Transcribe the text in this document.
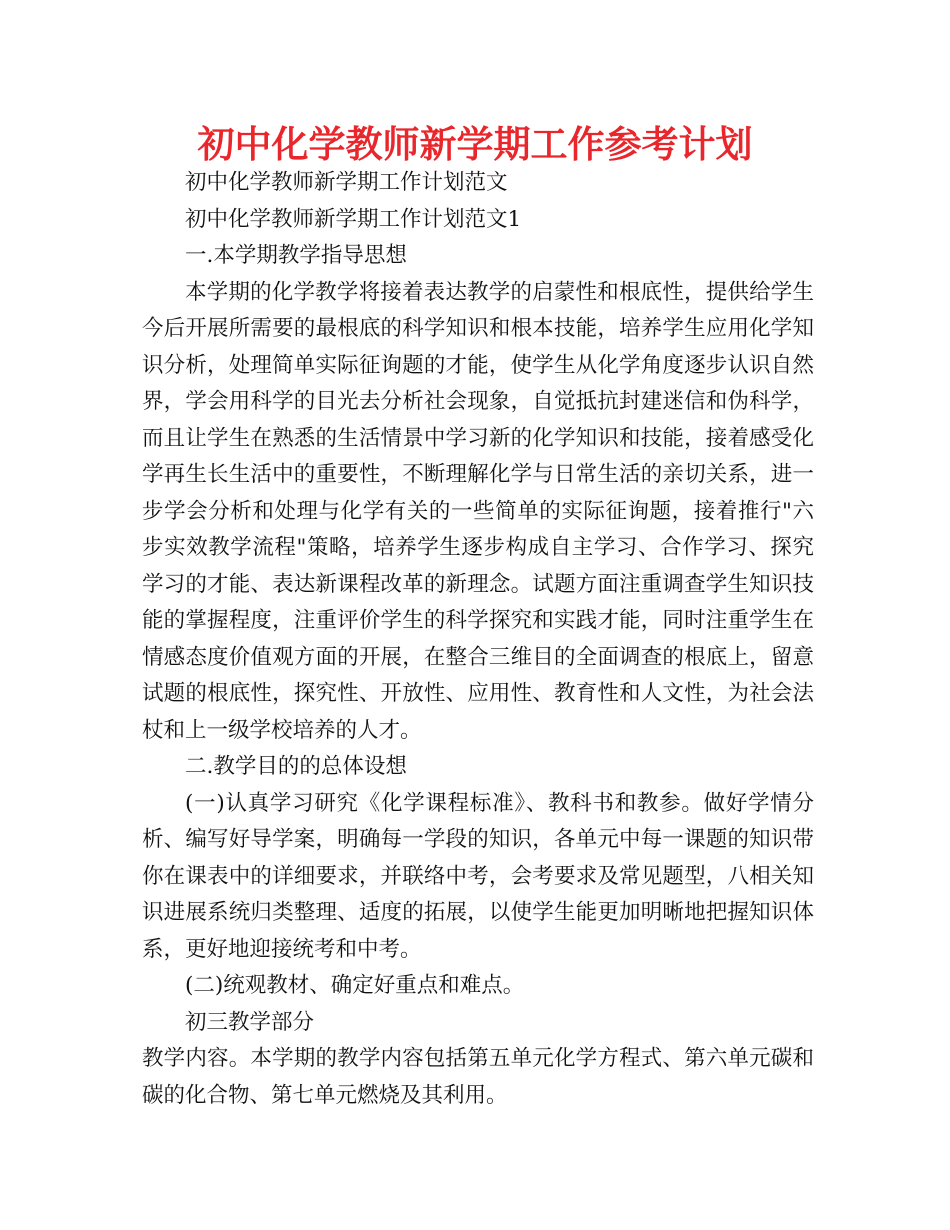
初中化学教师新学期工作参考计划

初中化学教师新学期工作计划范文

初中化学教师新学期工作计划范文1

一.本学期教学指导思想

本学期的化学教学将接着表达教学的启蒙性和根底性，提供给学生今后开展所需要的最根底的科学知识和根本技能，培养学生应用化学知识分析，处理简单实际征询题的才能，使学生从化学角度逐步认识自然界，学会用科学的目光去分析社会现象，自觉抵抗封建迷信和伪科学，而且让学生在熟悉的生活情景中学习新的化学知识和技能，接着感受化学再生长生活中的重要性，不断理解化学与日常生活的亲切关系，进一步学会分析和处理与化学有关的一些简单的实际征询题，接着推行"六步实效教学流程"策略，培养学生逐步构成自主学习、合作学习、探究学习的才能、表达新课程改革的新理念。试题方面注重调查学生知识技能的掌握程度，注重评价学生的科学探究和实践才能，同时注重学生在情感态度价值观方面的开展，在整合三维目的全面调查的根底上，留意试题的根底性，探究性、开放性、应用性、教育性和人文性，为社会法杖和上一级学校培养的人才。

二.教学目的的总体设想

(一)认真学习研究《化学课程标准》、教科书和教参。做好学情分析、编写好导学案，明确每一学段的知识，各单元中每一课题的知识带你在课表中的详细要求，并联络中考，会考要求及常见题型，八相关知识进展系统归类整理、适度的拓展，以使学生能更加明晰地把握知识体系，更好地迎接统考和中考。

(二)统观教材、确定好重点和难点。

初三教学部分

教学内容。本学期的教学内容包括第五单元化学方程式、第六单元碳和碳的化合物、第七单元燃烧及其利用。
